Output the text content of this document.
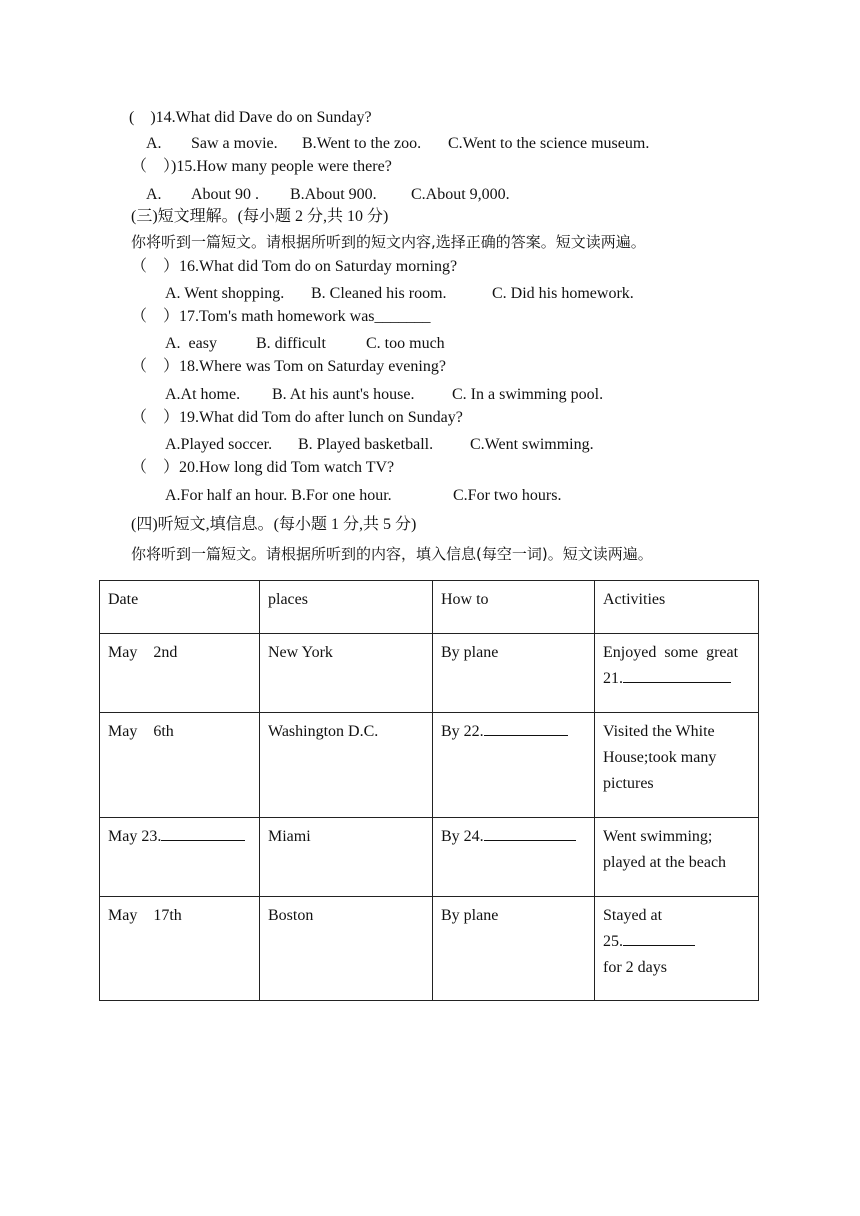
(    )14.What did Dave do on Sunday?
A. Saw a movie. B.Went to the zoo. C.Went to the science museum.
（    ）)15.How many people were there?
A. About 90 . B.About 900. C.About 9,000.
(三)短文理解。(每小题 2 分,共 10 分)
你将听到一篇短文。请根据所听到的短文内容,选择正确的答案。短文读两遍。
（    ）16.What did Tom do on Saturday morning?
A. Went shopping. B. Cleaned his room.	C. Did his homework.
（    ）17.Tom's math homework was_______
A.  easy B. difficult	C. too much
（    ）18.Where was Tom on Saturday evening?
A.At home. B. At his aunt's house. C. In a swimming pool.
（    ）19.What did Tom do after lunch on Sunday?
A.Played soccer. B. Played basketball. C.Went swimming.
（    ）20.How long did Tom watch TV?
A.For half an hour. B.For one hour.	C.For two hours.
(四)听短文,填信息。(每小题 1 分,共 5 分)
你将听到一篇短文。请根据所听到的内容，填入信息(每空一词)。短文读两遍。
Date	places	How to	Activities
May    2nd	New York	By plane	Enjoyed  some  great
21.

May    6th	Washington D.C.	By 22.	Visited the White
House;took many
pictures

May 23.	Miami	By 24.	Went swimming;
played at the beach

May    17th	Boston	By plane	Stayed at
25.
for 2 days
